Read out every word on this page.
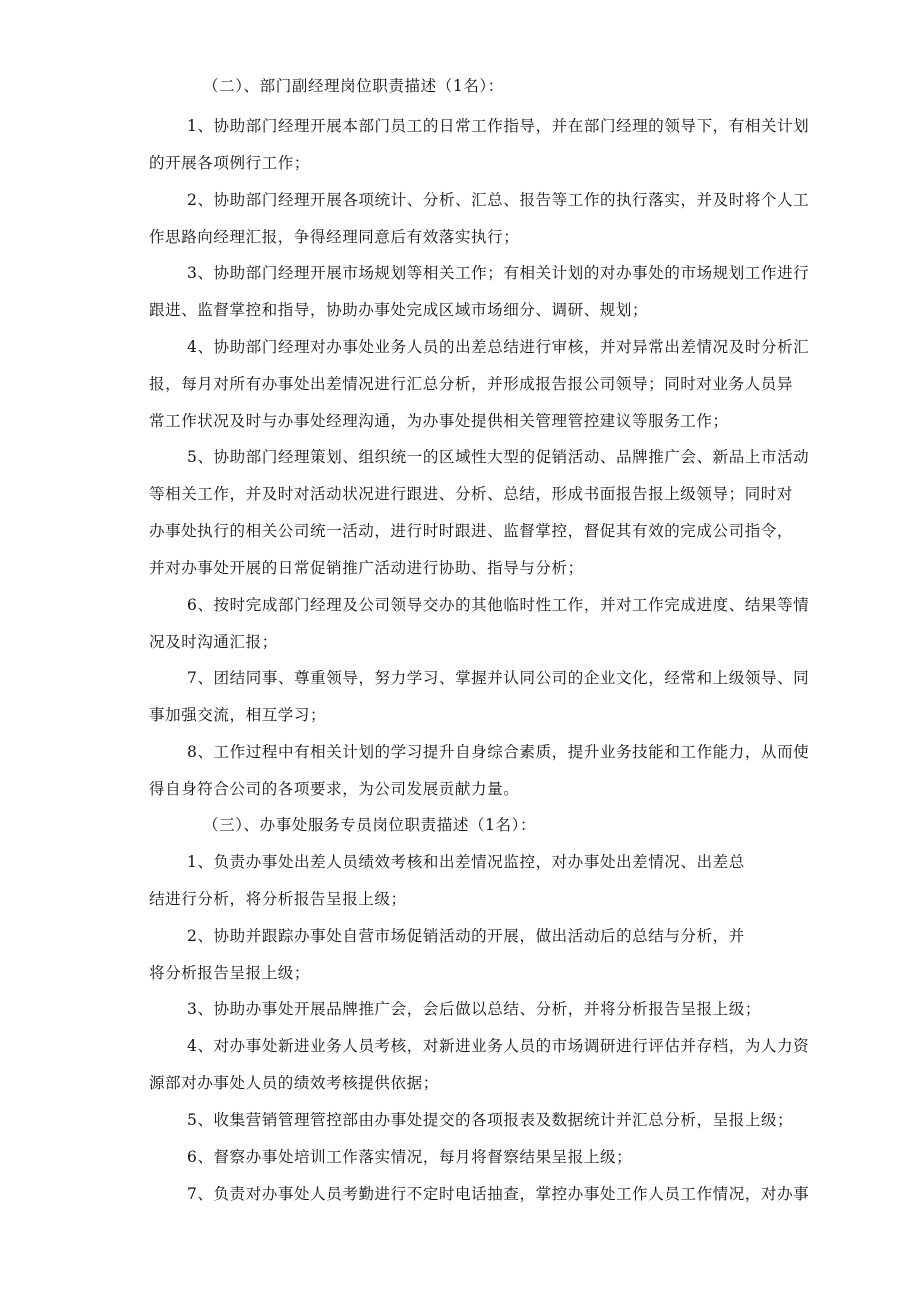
（二）、部门副经理岗位职责描述（1名）：
1、协助部门经理开展本部门员工的日常工作指导，并在部门经理的领导下，有相关计划
的开展各项例行工作；
2、协助部门经理开展各项统计、分析、汇总、报告等工作的执行落实，并及时将个人工
作思路向经理汇报，争得经理同意后有效落实执行；
3、协助部门经理开展市场规划等相关工作；有相关计划的对办事处的市场规划工作进行
跟进、监督掌控和指导，协助办事处完成区域市场细分、调研、规划；
4、协助部门经理对办事处业务人员的出差总结进行审核，并对异常出差情况及时分析汇
报，每月对所有办事处出差情况进行汇总分析，并形成报告报公司领导；同时对业务人员异
常工作状况及时与办事处经理沟通，为办事处提供相关管理管控建议等服务工作；
5、协助部门经理策划、组织统一的区域性大型的促销活动、品牌推广会、新品上市活动
等相关工作，并及时对活动状况进行跟进、分析、总结，形成书面报告报上级领导；同时对
办事处执行的相关公司统一活动，进行时时跟进、监督掌控，督促其有效的完成公司指令，
并对办事处开展的日常促销推广活动进行协助、指导与分析；
6、按时完成部门经理及公司领导交办的其他临时性工作，并对工作完成进度、结果等情
况及时沟通汇报；
7、团结同事、尊重领导，努力学习、掌握并认同公司的企业文化，经常和上级领导、同
事加强交流，相互学习；
8、工作过程中有相关计划的学习提升自身综合素质，提升业务技能和工作能力，从而使
得自身符合公司的各项要求，为公司发展贡献力量。
（三）、办事处服务专员岗位职责描述（1名）：
1、负责办事处出差人员绩效考核和出差情况监控，对办事处出差情况、出差总
结进行分析，将分析报告呈报上级；
2、协助并跟踪办事处自营市场促销活动的开展，做出活动后的总结与分析，并
将分析报告呈报上级；
3、协助办事处开展品牌推广会，会后做以总结、分析，并将分析报告呈报上级；
4、对办事处新进业务人员考核，对新进业务人员的市场调研进行评估并存档，为人力资
源部对办事处人员的绩效考核提供依据；
5、收集营销管理管控部由办事处提交的各项报表及数据统计并汇总分析，呈报上级；
6、督察办事处培训工作落实情况，每月将督察结果呈报上级；
7、负责对办事处人员考勤进行不定时电话抽查，掌控办事处工作人员工作情况，对办事
